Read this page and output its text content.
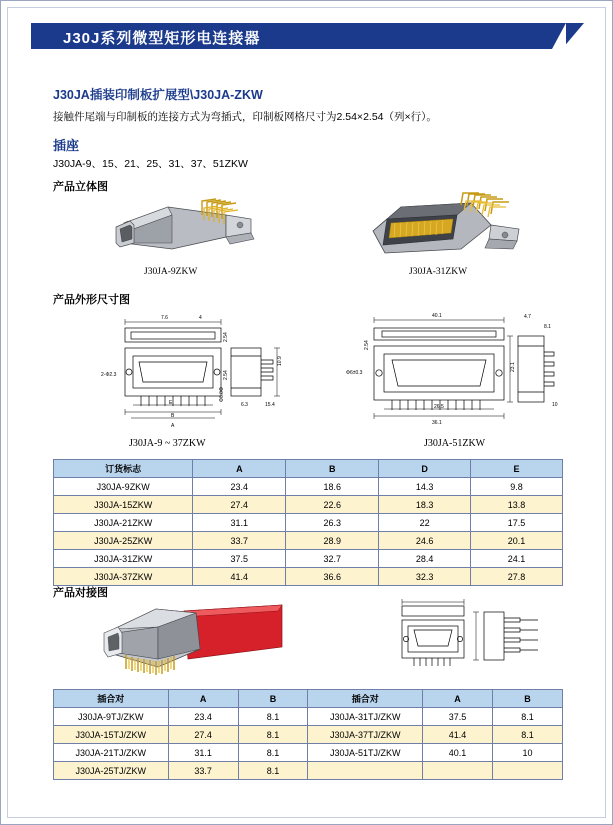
J30J系列微型矩形电连接器
J30JA插装印制板扩展型\J30JA-ZKW
接触件尾端与印制板的连接方式为弯插式，印制板网格尺寸为2.54×2.54（列×行）。
插座
J30JA-9、15、21、25、31、37、51ZKW
产品立体图
J30JA-9ZKW	J30JA-31ZKW
产品外形尺寸图
7.6	4
10.9
2.54
2.54
2-Φ2.3
E
B
A
Φ6.0Φ
6.3	15.4
J30JA-9 ~ 37ZKW
4.7
8.1
40.1
23.1
26.5
Φ6±0.3
36.1
10
2.54
J30JA-51ZKW
订货标志	A	B	D	E
J30JA-9ZKW	23.4	18.6	14.3	9.8
J30JA-15ZKW	27.4	22.6	18.3	13.8
J30JA-21ZKW	31.1	26.3	22	17.5
J30JA-25ZKW	33.7	28.9	24.6	20.1
J30JA-31ZKW	37.5	32.7	28.4	24.1
J30JA-37ZKW	41.4	36.6	32.3	27.8
产品对接图
插合对	A	B	插合对	A	B
J30JA-9TJ/ZKW	23.4	8.1	J30JA-31TJ/ZKW	37.5	8.1
J30JA-15TJ/ZKW	27.4	8.1	J30JA-37TJ/ZKW	41.4	8.1
J30JA-21TJ/ZKW	31.1	8.1	J30JA-51TJ/ZKW	40.1	10
J30JA-25TJ/ZKW	33.7	8.1			
